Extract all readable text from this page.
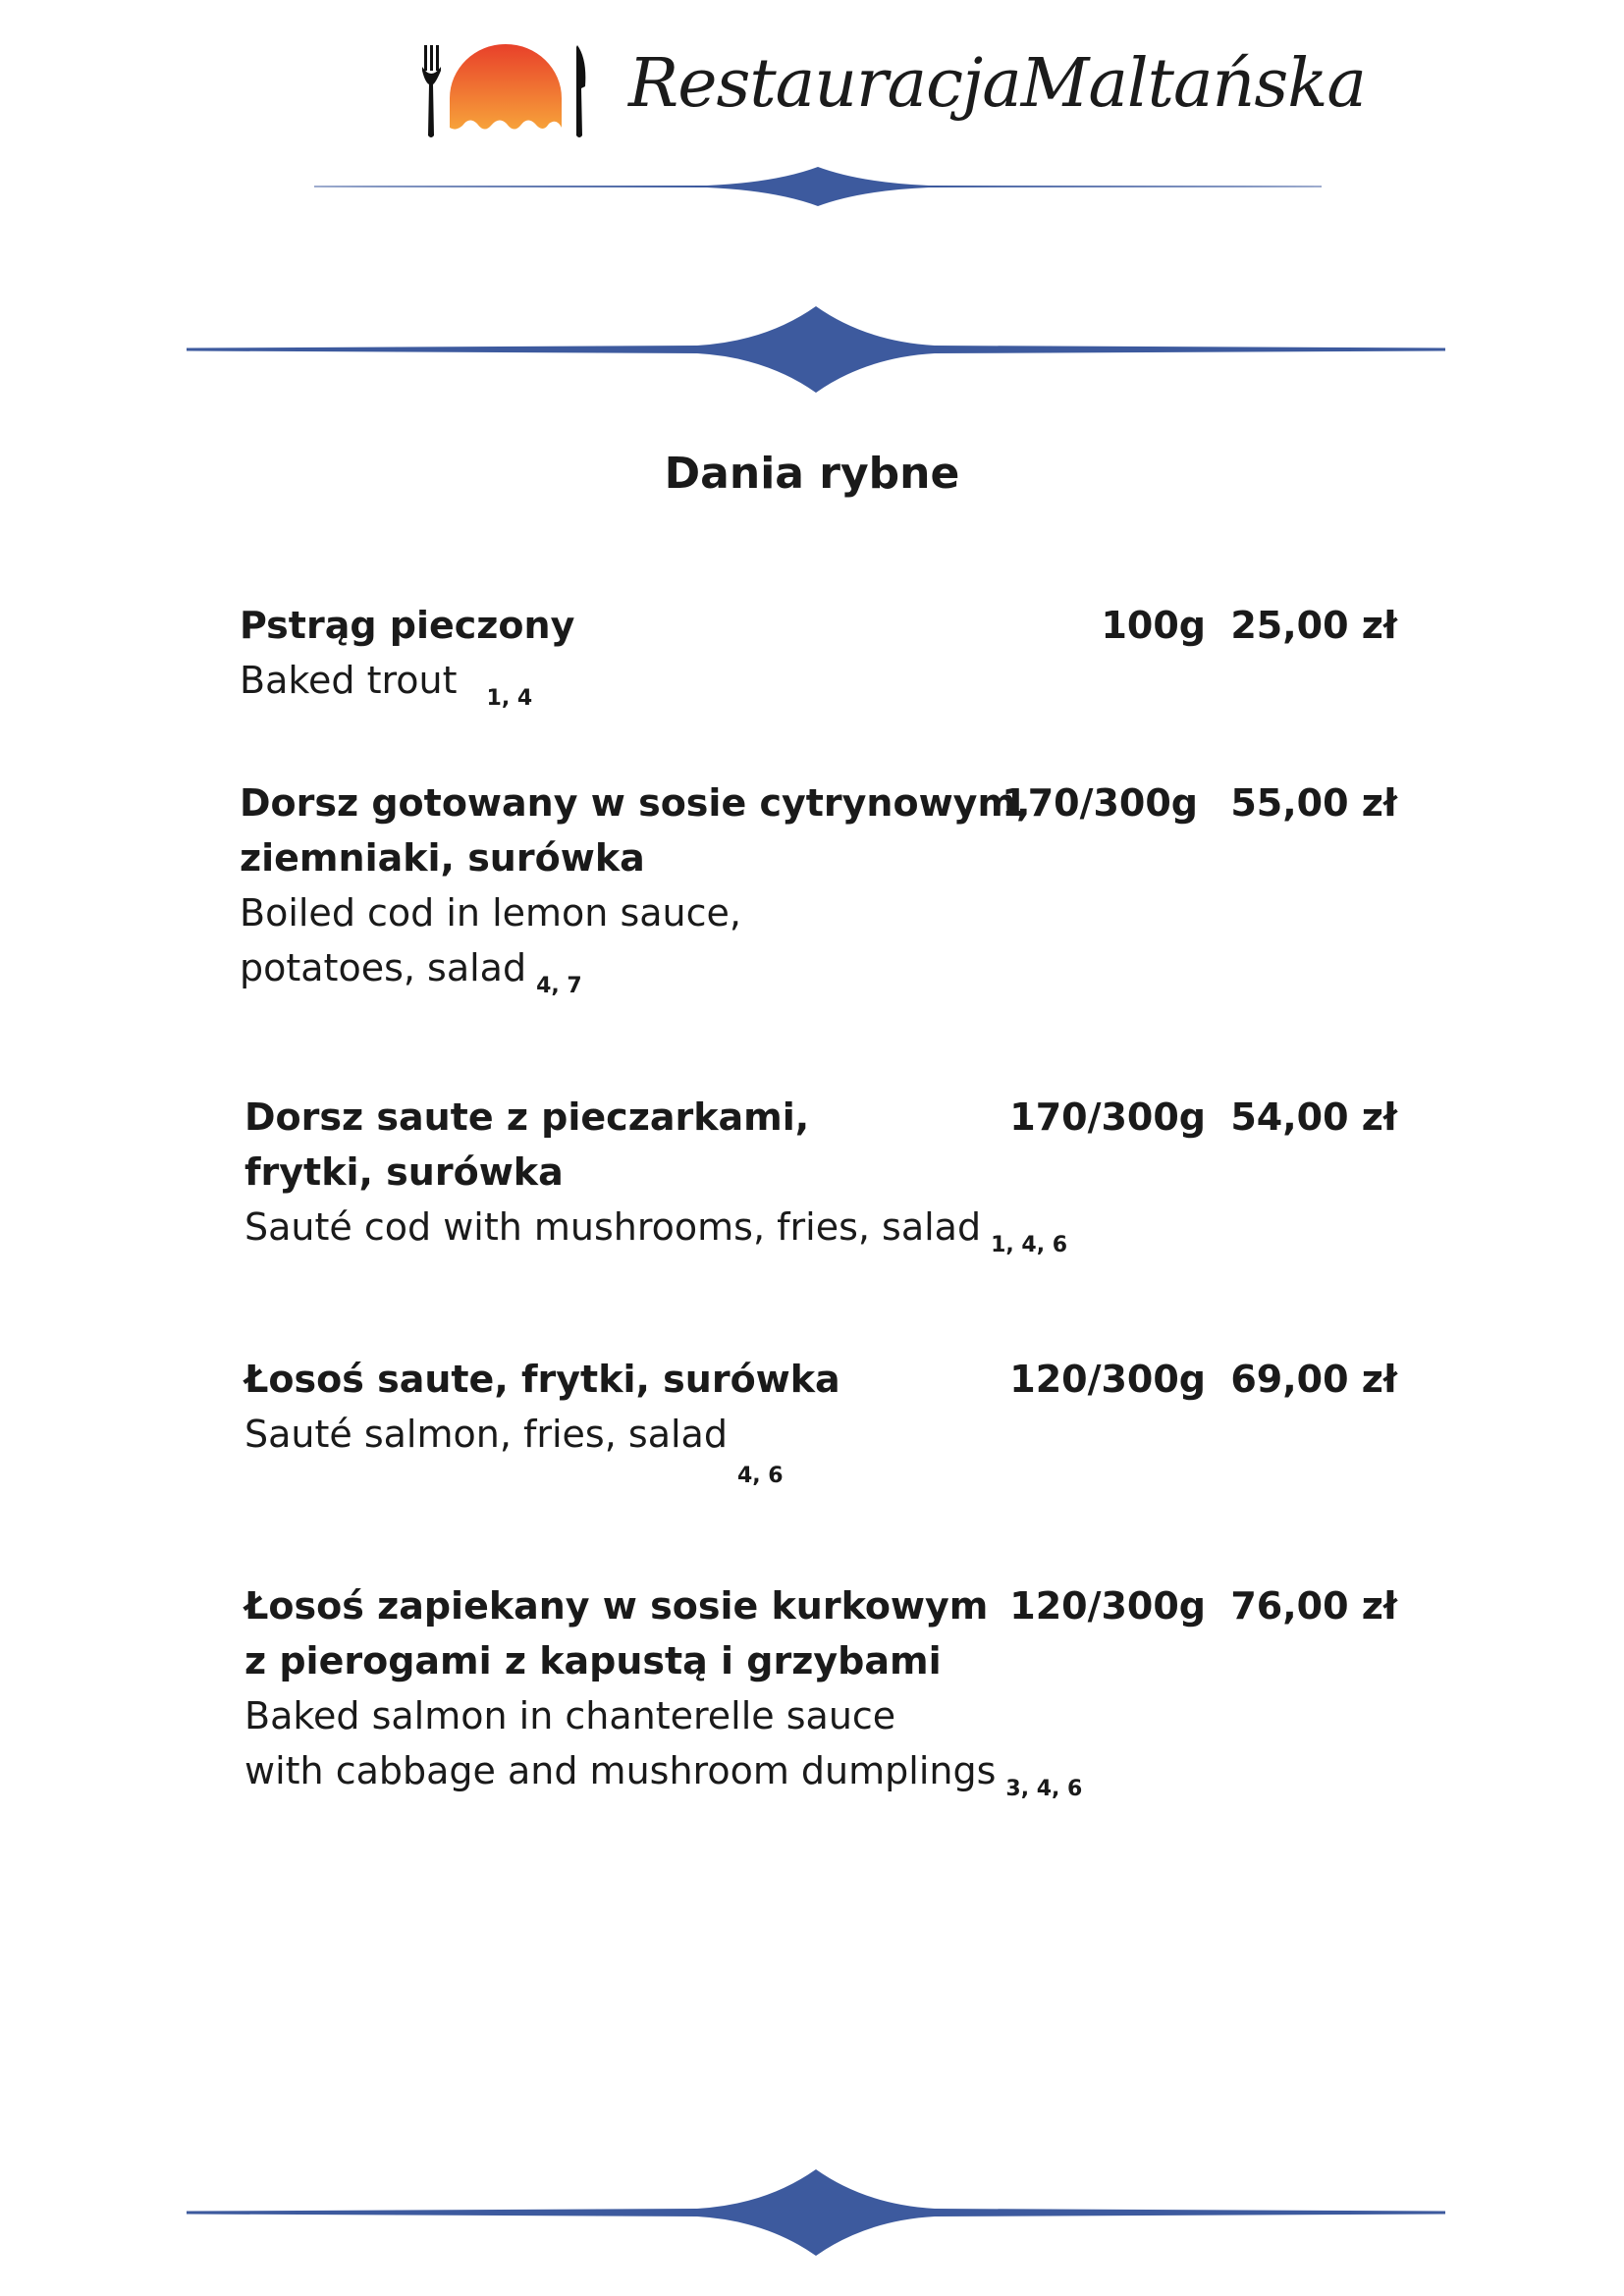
RestauracjaMaltańska
Dania rybne
Pstrąg pieczony
Baked trout $_{1, 4}$
100g 25,00 zł
Dorsz gotowany w sosie cytrynowym,
ziemniaki, surówka
Boiled cod in lemon sauce,
potatoes, salad $_{4, 7}$
170/300g 55,00 zł
Dorsz saute z pieczarkami,
frytki, surówka
Sauté cod with mushrooms, fries, salad $_{1, 4, 6}$
170/300g 54,00 zł
Łosoś saute, frytki, surówka
Sauté salmon, fries, salad$_{4, 6}$
120/300g 69,00 zł
Łosoś zapiekany w sosie kurkowym
z pierogami z kapustą i grzybami
Baked salmon in chanterelle sauce
with cabbage and mushroom dumplings $_{3, 4, 6}$
120/300g 76,00 zł
